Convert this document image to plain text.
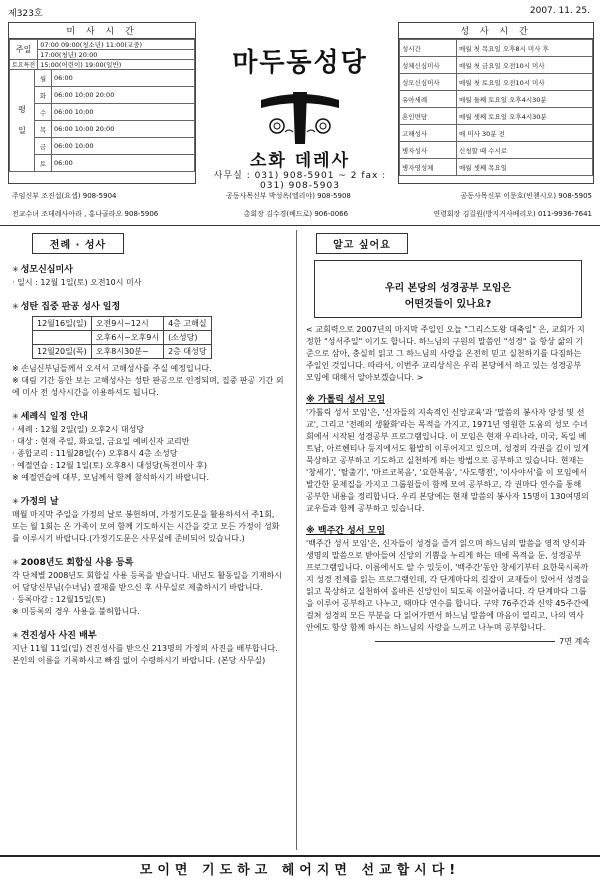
제323호	2007. 11. 25.
미 사 시 간
주일	07:00 09:00(청소년) 11:00(교중)
	17:00(청년) 20:00
토요특전	15:00(어린이) 19:00(일반)
평
일	월	06:00
	화	06:00 10:00 20:00
	수	06:00 10:00
	목	06:00 10:00 20:00
	금	06:00 10:00
	토	06:00
마두동성당
소화 데레사
사무실 : 031) 908-5901 ~ 2 fax : 031) 908-5903
성 사 시 간
성시간	매월 첫 목요일 오후8시 미사 후
성체신심미사	매월 첫 금요일 오전10시 미사
성모신심미사	매월 첫 토요일 오전10시 미사
유아세례	매월 둘째 토요일 오후4시30분
혼인면담	매월 셋째 토요일 오후4시30분
고해성사	매 미사 30분 전
병자성사	신청할 때 수시로
병자영성체	매월 셋째 목요일
주임신부 조진섭(요셉) 908-5904	공동사목신부 박성옥(엘리야) 908-5908	공동사목신부 이문호(빈첸시오) 908-5905
전교수녀 조데레사아라 , 홍나골라오 908-5906	총회장 김수경(베드로) 906-0066	연령회장 김길원(방지거사베리오) 011-9936-7641
전례 · 성사
✳ 성모신심미사
· 일시 : 12월 1일(토) 오전10시 미사
✳ 성탄 집중 판공 성사 일정
12월16일(일)	오전9시~12시	4층 고해실
	오후6시~오후9시	(소성당)
12월20일(목)	오후8시30분~	2층 대성당
※ 손님신부님들께서 오셔서 고해성사를 주실 예정입니다.
※ 대림 기간 동안 보는 고해성사는 성탄 판공으로 인정되며, 집중 판공 기간 외에 미사 전 성사시간을 이용하셔도 됩니다.
✳ 세례식 일정 안내
· 세례 : 12월 2일(일) 오후2시 대성당
· 대상 : 현재 주일, 화요일, 금요일 예비신자 교리반
· 종합교리 : 11월28일(수) 오후8시 4층 소성당
· 예절연습 : 12월 1일(토) 오후8시 대성당(특전미사 후)
※ 예절연습에 대부, 모님께서 함께 참석하시기 바랍니다.
✳ 가정의 날
매월 마지막 주일을 가정의 날로 봉헌하며, 가정기도문을 활용하셔서 주1회, 또는 월 1회는 온 가족이 모여 함께 기도하시는 시간을 갖고 모든 가정이 성화를 이루시기 바랍니다.(가정기도문은 사무실에 준비되어 있습니다.)
✳ 2008년도 회합실 사용 등록
각 단체별 2008년도 회합실 사용 등록을 받습니다. 내년도 활동일을 기재하시어 담당신부님(수녀님) 결재를 받으신 후 사무실로 제출하시기 바랍니다.
· 등록마감 : 12월15일(토)
※ 미등록의 경우 사용을 불허합니다.
✳ 견진성사 사진 배부
지난 11월 11일(일) 견진성사를 받으신 213명의 가정의 사진을 배부합니다. 본인의 이름을 기록하시고 빠짐 없이 수령하시기 바랍니다. (본당 사무실)
알고 싶어요

우리 본당의 성경공부 모임은
어떤것들이 있나요?

< 교회력으로 2007년의 마지막 주일인 오늘 "그리스도왕 대축일" 은, 교회가 지정한 "성서주일" 이기도 합니다. 하느님의 구원의 말씀인 "성경" 을 항상 삶의 기준으로 삼아, 충실히 읽고 그 하느님의 사랑을 온전히 믿고 실천하기를 다짐하는 주일인 것입니다. 따라서, 이번주 교리상식은 우리 본당에서 하고 있는 성경공부 모임에 대해서 알아보겠습니다. >
※ 가톨릭 성서 모임
'가톨릭 성서 모임'은, '신자들의 지속적인 신앙교육'과 '말씀의 봉사자 양성 및 선교', 그리고 '전례의 생활화'라는 목적을 가지고, 1971년 영원한 도움의 성모 수녀회에서 시작된 성경공부 프로그램입니다. 이 모임은 현재 우리나라, 미국, 독일 베트남, 아르헨티나 등지에서도 활발히 이루어지고 있으며, 성경의 각권을 깊이 있게 묵상하고 공부하고 기도하고 실천하게 하는 방법으로 공부하고 있습니다. 현재는 '창세기', '탈출기', '마르코복음', '요한복음', '사도행전', '이사야서'를 이 모임에서 발간한 문제집을 가지고 그룹원들이 함께 모여 공부하고, 각 권마다 연수를 통해 공부한 내용을 정리합니다. 우리 본당에는 현재 말씀의 봉사자 15명이 130여명의 교우들과 함께 공부하고 있습니다.
※ 백주간 성서 모임
'백주간 성서 모임'은, 신자들이 성경을 즐겨 읽으며 하느님의 말씀을 영적 양식과 생명의 말씀으로 받아들여 신앙의 기쁨을 누리게 하는 데에 목적을 둔, 성경공부 프로그램입니다. 이름에서도 알 수 있듯이, '백주간'동안 창세기부터 요한묵시록까지 성경 전체를 읽는 프로그램인데, 각 단계마다의 길잡이 교재들이 있어서 성경을 읽고 묵상하고 실천하여 올바른 신앙인이 되도록 이끌어줍니다. 각 단계마다 그룹을 이루어 공부하고 나누고, 때마다 연수를 합니다. 구약 76주간과 신약 45주간에 걸쳐 성경의 모든 부분을 다 읽어가면서 하느님 말씀에 마음이 열리고, 나의 역사 안에도 항상 함께 하시는 하느님의 사랑을 느끼고 나누며 공부합니다.
7면 계속
모이면 기도하고 헤어지면 선교합시다!
